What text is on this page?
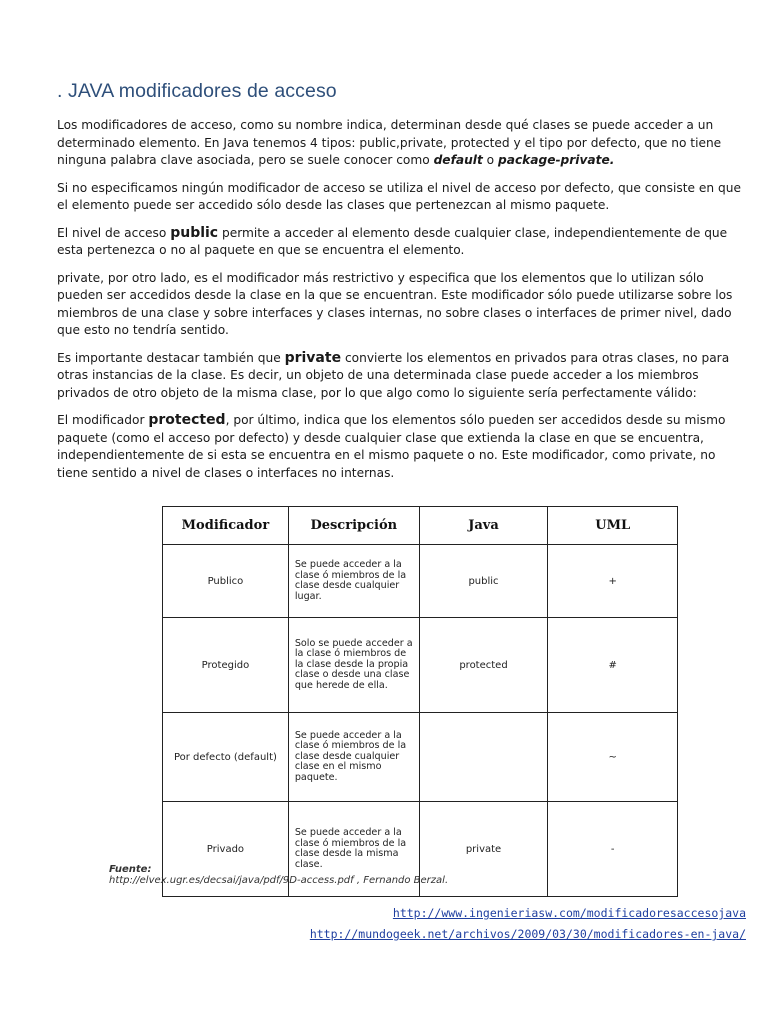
. JAVA modificadores de acceso

Los modificadores de acceso, como su nombre indica, determinan desde qué clases se puede acceder a un determinado elemento. En Java tenemos 4 tipos: public,private, protected y el tipo por defecto, que no tiene ninguna palabra clave asociada, pero se suele conocer como default o package-private.

Si no especificamos ningún modificador de acceso se utiliza el nivel de acceso por defecto, que consiste en que el elemento puede ser accedido sólo desde las clases que pertenezcan al mismo paquete.

El nivel de acceso public permite a acceder al elemento desde cualquier clase, independientemente de que esta pertenezca o no al paquete en que se encuentra el elemento.

private, por otro lado, es el modificador más restrictivo y especifica que los elementos que lo utilizan sólo pueden ser accedidos desde la clase en la que se encuentran. Este modificador sólo puede utilizarse sobre los miembros de una clase y sobre interfaces y clases internas, no sobre clases o interfaces de primer nivel, dado que esto no tendría sentido.

Es importante destacar también que private convierte los elementos en privados para otras clases, no para otras instancias de la clase. Es decir, un objeto de una determinada clase puede acceder a los miembros privados de otro objeto de la misma clase, por lo que algo como lo siguiente sería perfectamente válido:

El modificador protected, por último, indica que los elementos sólo pueden ser accedidos desde su mismo paquete (como el acceso por defecto) y desde cualquier clase que extienda la clase en que se encuentra, independientemente de si esta se encuentra en el mismo paquete o no. Este modificador, como private, no tiene sentido a nivel de clases o interfaces no internas.

Modificador	Descripción	Java	UML
Publico	Se puede acceder a la clase ó miembros de la clase desde cualquier lugar.	public	+
Protegido	Solo se puede acceder a la clase ó miembros de la clase desde la propia clase o desde una clase que herede de ella.	protected	#
Por defecto (default)	Se puede acceder a la clase ó miembros de la clase desde cualquier clase en el mismo paquete.		~
Privado	Se puede acceder a la clase ó miembros de la clase desde la misma clase.	private	-
Fuente:
http://elvex.ugr.es/decsai/java/pdf/9D-access.pdf , Fernando Berzal.
http://www.ingenieriasw.com/modificadoresaccesojava
http://mundogeek.net/archivos/2009/03/30/modificadores-en-java/
